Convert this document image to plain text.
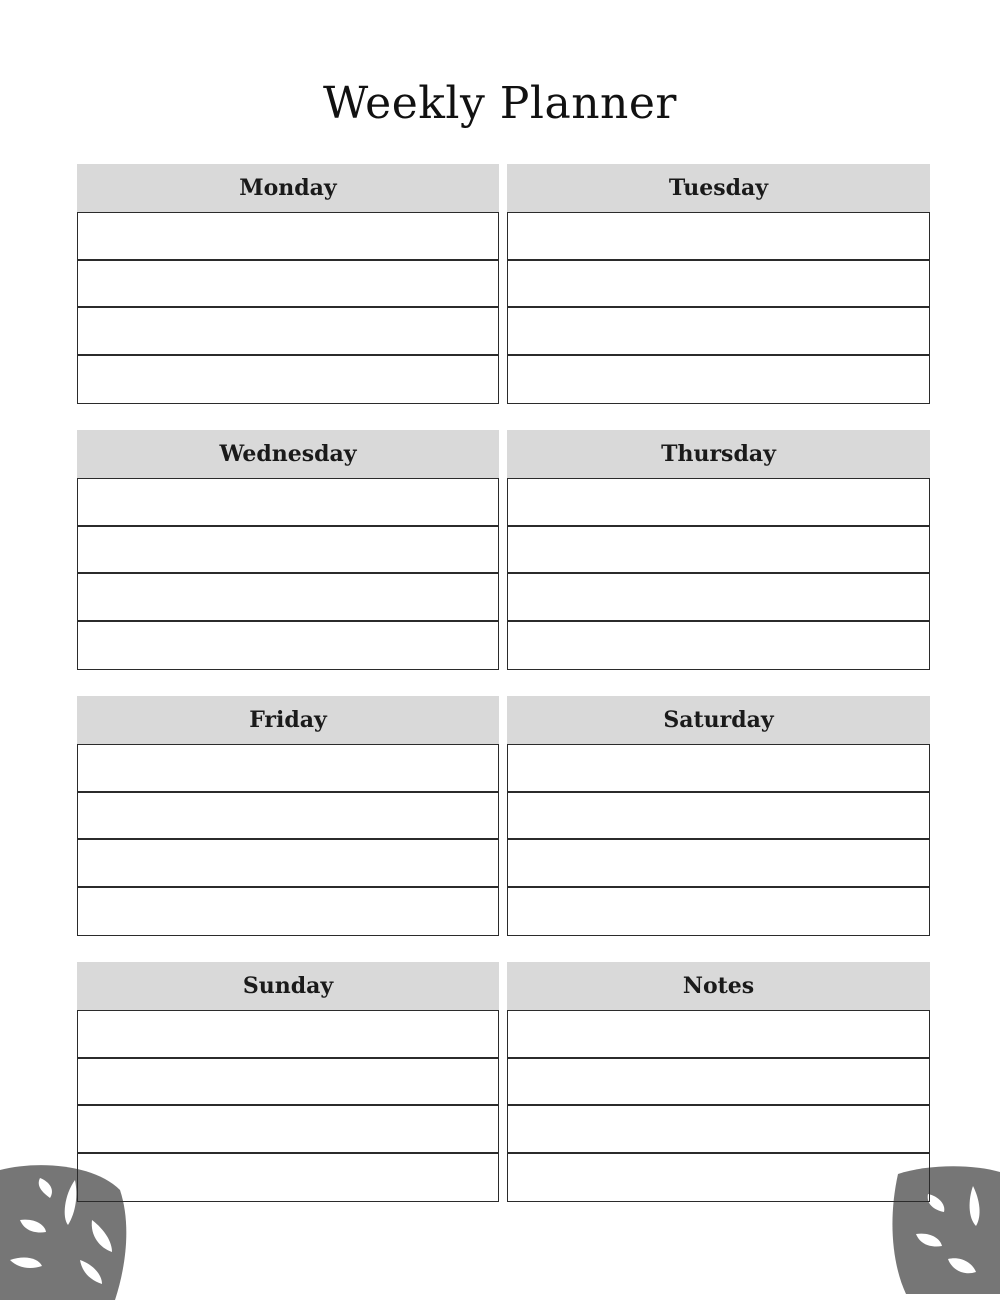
Weekly Planner
Monday	Tuesday
Wednesday	Thursday
Friday	Saturday
Sunday	Notes
